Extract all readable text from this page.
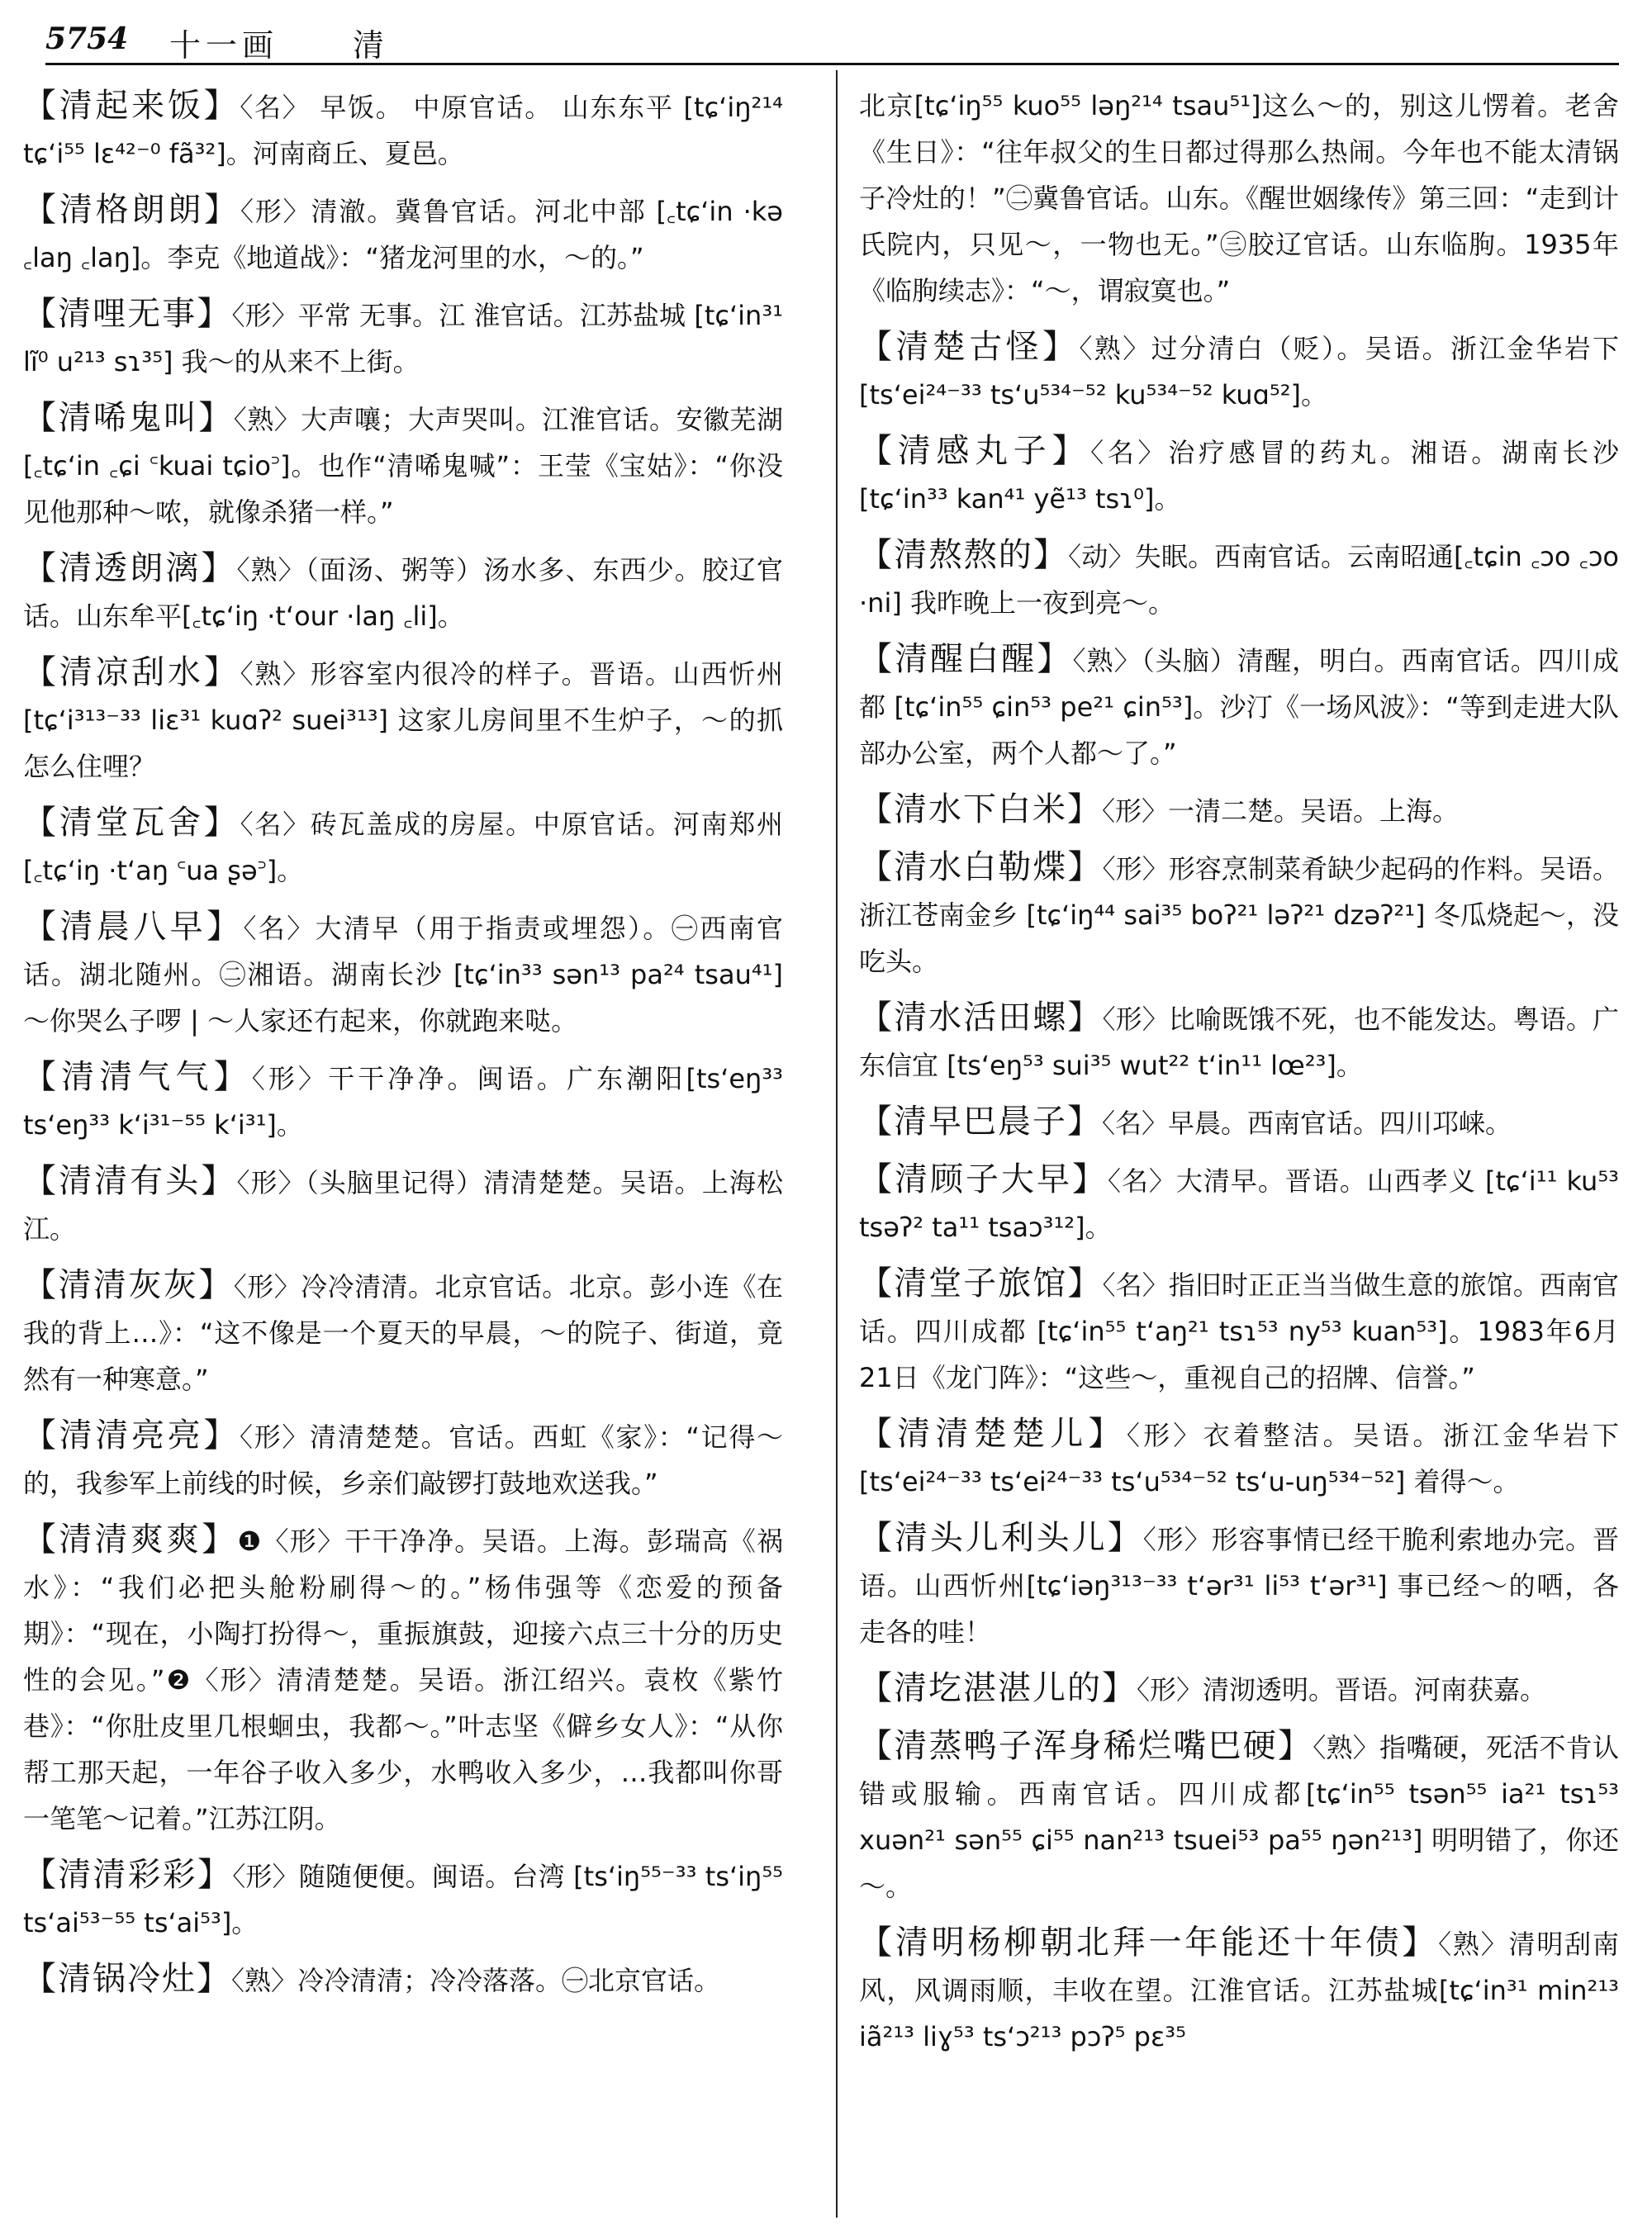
5754 十一画 清

【清起来饭】〈名〉 早饭。 中原官话。 山东东平 [tɕʻiŋ²¹⁴ tɕʻi⁵⁵ lɛ⁴²⁻⁰ fã³²]。河南商丘、夏邑。

【清格朗朗】〈形〉清澈。冀鲁官话。河北中部 [꜀tɕʻin ·kə ꜀laŋ ꜀laŋ]。李克《地道战》：“猪龙河里的水，～的。”

【清哩无事】〈形〉平常 无事。江 淮官话。江苏盐城 [tɕʻin³¹ lĩ⁰ u²¹³ sɿ³⁵] 我～的从来不上街。

【清唏鬼叫】〈熟〉大声嚷；大声哭叫。江淮官话。安徽芜湖 [꜀tɕʻin ꜀ɕi ꜂kuai tɕio꜄]。也作“清唏鬼喊”：王莹《宝姑》：“你没见他那种～哝，就像杀猪一样。”

【清透朗漓】〈熟〉（面汤、粥等）汤水多、东西少。胶辽官话。山东牟平[꜀tɕʻiŋ ·tʻour ·laŋ ꜀li]。

【清凉刮水】〈熟〉形容室内很冷的样子。晋语。山西忻州 [tɕʻi³¹³⁻³³ liɛ³¹ kuɑʔ² suei³¹³] 这家儿房间里不生炉子，～的抓怎么住哩？

【清堂瓦舍】〈名〉砖瓦盖成的房屋。中原官话。河南郑州 [꜀tɕʻiŋ ·tʻaŋ ꜂ua ʂə꜄]。

【清晨八早】〈名〉大清早（用于指责或埋怨）。㊀西南官话。湖北随州。㊁湘语。湖南长沙 [tɕʻin³³ sən¹³ pa²⁴ tsau⁴¹] ～你哭么子啰 | ～人家还冇起来，你就跑来哒。

【清清气气】〈形〉干干净净。闽语。广东潮阳[tsʻeŋ³³ tsʻeŋ³³ kʻi³¹⁻⁵⁵ kʻi³¹]。

【清清有头】〈形〉（头脑里记得）清清楚楚。吴语。上海松江。

【清清灰灰】〈形〉冷冷清清。北京官话。北京。彭小连《在我的背上…》：“这不像是一个夏天的早晨，～的院子、街道，竟然有一种寒意。”

【清清亮亮】〈形〉清清楚楚。官话。西虹《家》：“记得～的，我参军上前线的时候，乡亲们敲锣打鼓地欢送我。”

【清清爽爽】❶〈形〉干干净净。吴语。上海。彭瑞高《祸水》：“我们必把头舱粉刷得～的。”杨伟强等《恋爱的预备期》：“现在，小陶打扮得～，重振旗鼓，迎接六点三十分的历史性的会见。”❷〈形〉清清楚楚。吴语。浙江绍兴。袁枚《紫竹巷》：“你肚皮里几根蛔虫，我都～。”叶志坚《僻乡女人》：“从你帮工那天起，一年谷子收入多少，水鸭收入多少，…我都叫你哥一笔笔～记着。”江苏江阴。

【清清彩彩】〈形〉随随便便。闽语。台湾 [tsʻiŋ⁵⁵⁻³³ tsʻiŋ⁵⁵ tsʻai⁵³⁻⁵⁵ tsʻai⁵³]。

【清锅冷灶】〈熟〉冷冷清清；冷冷落落。㊀北京官话。

北京[tɕʻiŋ⁵⁵ kuo⁵⁵ ləŋ²¹⁴ tsau⁵¹]这么～的，别这儿愣着。老舍《生日》：“往年叔父的生日都过得那么热闹。今年也不能太清锅子冷灶的！”㊁冀鲁官话。山东。《醒世姻缘传》第三回：“走到计氏院内，只见～，一物也无。”㊂胶辽官话。山东临朐。1935年《临朐续志》：“～，谓寂寞也。”

【清楚古怪】〈熟〉过分清白（贬）。吴语。浙江金华岩下 [tsʻei²⁴⁻³³ tsʻu⁵³⁴⁻⁵² ku⁵³⁴⁻⁵² kuɑ⁵²]。

【清感丸子】〈名〉治疗感冒的药丸。湘语。湖南长沙 [tɕʻin³³ kan⁴¹ yẽ¹³ tsɿ⁰]。

【清熬熬的】〈动〉失眠。西南官话。云南昭通[꜀tɕin ꜀ɔo ꜀ɔo ·ni] 我昨晚上一夜到亮～。

【清醒白醒】〈熟〉（头脑）清醒，明白。西南官话。四川成都 [tɕʻin⁵⁵ ɕin⁵³ pe²¹ ɕin⁵³]。沙汀《一场风波》：“等到走进大队部办公室，两个人都～了。”

【清水下白米】〈形〉一清二楚。吴语。上海。

【清水白勒煠】〈形〉形容烹制菜肴缺少起码的作料。吴语。浙江苍南金乡 [tɕʻiŋ⁴⁴ sai³⁵ boʔ²¹ ləʔ²¹ dzəʔ²¹] 冬瓜烧起～，没吃头。

【清水活田螺】〈形〉比喻既饿不死，也不能发达。粤语。广东信宜 [tsʻeŋ⁵³ sui³⁵ wut²² tʻin¹¹ lœ²³]。

【清早巴晨子】〈名〉早晨。西南官话。四川邛崃。

【清顾子大早】〈名〉大清早。晋语。山西孝义 [tɕʻi¹¹ ku⁵³ tsəʔ² ta¹¹ tsaɔ³¹²]。

【清堂子旅馆】〈名〉指旧时正正当当做生意的旅馆。西南官话。四川成都 [tɕʻin⁵⁵ tʻaŋ²¹ tsɿ⁵³ ny⁵³ kuan⁵³]。1983年6月21日《龙门阵》：“这些～，重视自己的招牌、信誉。”

【清清楚楚儿】〈形〉衣着整洁。吴语。浙江金华岩下 [tsʻei²⁴⁻³³ tsʻei²⁴⁻³³ tsʻu⁵³⁴⁻⁵² tsʻu-uŋ⁵³⁴⁻⁵²] 着得～。

【清头儿利头儿】〈形〉形容事情已经干脆利索地办完。晋语。山西忻州[tɕʻiəŋ³¹³⁻³³ tʻər³¹ li⁵³ tʻər³¹] 事已经～的哂，各走各的哇！

【清圪湛湛儿的】〈形〉清沏透明。晋语。河南获嘉。

【清蒸鸭子浑身稀烂嘴巴硬】〈熟〉指嘴硬，死活不肯认错或服输。西南官话。四川成都[tɕʻin⁵⁵ tsən⁵⁵ ia²¹ tsɿ⁵³ xuən²¹ sən⁵⁵ ɕi⁵⁵ nan²¹³ tsuei⁵³ pa⁵⁵ ŋən²¹³] 明明错了，你还～。

【清明杨柳朝北拜一年能还十年债】〈熟〉清明刮南风，风调雨顺，丰收在望。江淮官话。江苏盐城[tɕʻin³¹ min²¹³ iã²¹³ liɣ⁵³ tsʻɔ²¹³ pɔʔ⁵ pɛ³⁵
